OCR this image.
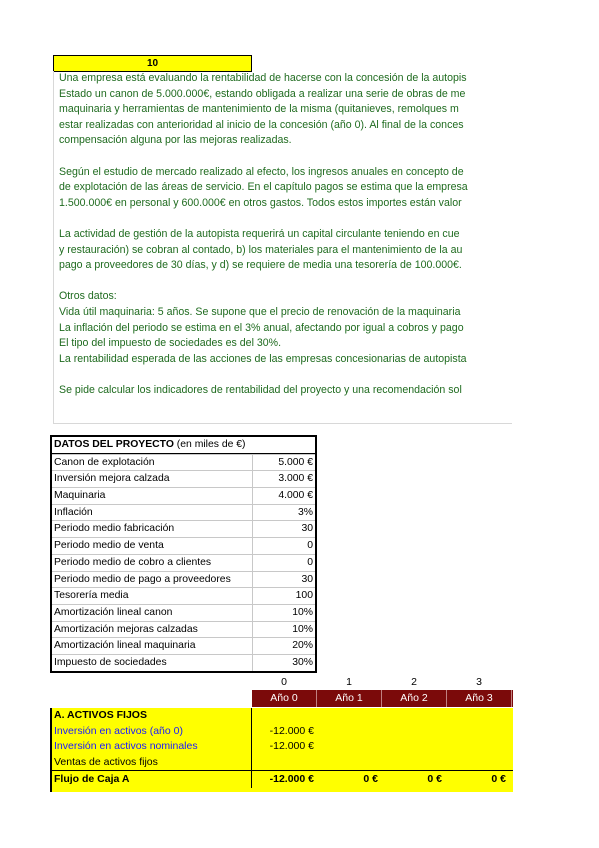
10
Una empresa está evaluando la rentabilidad de hacerse con la concesión de la autopis
Estado un canon de 5.000.000€, estando obligada a realizar una serie de obras de me
maquinaria y herramientas de mantenimiento de la misma (quitanieves, remolques m
estar realizadas con anterioridad al inicio de la concesión (año 0). Al final de la conces
compensación alguna por las mejoras realizadas.
Según el estudio de mercado realizado al efecto, los ingresos anuales en concepto de
de explotación de las áreas de servicio. En el capítulo pagos se estima que la empresa
1.500.000€ en personal y 600.000€ en otros gastos. Todos estos importes están valor
La actividad de gestión de la autopista requerirá un capital circulante teniendo en cue
y restauración) se cobran al contado, b) los materiales para el mantenimiento de la au
pago a proveedores de 30 días, y d) se requiere de media una tesorería de 100.000€.
Otros datos:
Vida útil maquinaria: 5 años. Se supone que el precio de renovación de la maquinaria
La inflación del periodo se estima en el 3% anual, afectando por igual a cobros y pago
El tipo del impuesto de sociedades es del 30%.
La rentabilidad esperada de las acciones de las empresas concesionarias de autopista
Se pide calcular los indicadores de rentabilidad del proyecto y una recomendación sol
DATOS DEL PROYECTO (en miles de €)
Canon de explotación	5.000 €
Inversión mejora calzada	3.000 €
Maquinaria	4.000 €
Inflación	3%
Periodo medio fabricación	30
Periodo medio de venta	0
Periodo medio de cobro a clientes	0
Periodo medio de pago a proveedores	30
Tesorería media	100
Amortización lineal canon	10%
Amortización mejoras calzadas	10%
Amortización lineal maquinaria	20%
Impuesto de sociedades	30%
0	1	2	3
Año 0	Año 1	Año 2	Año 3
A. ACTIVOS FIJOS
Inversión en activos (año 0)	-12.000 €
Inversión en activos nominales	-12.000 €
Ventas de activos fijos
Flujo de Caja A	-12.000 €	0 €	0 €	0 €
